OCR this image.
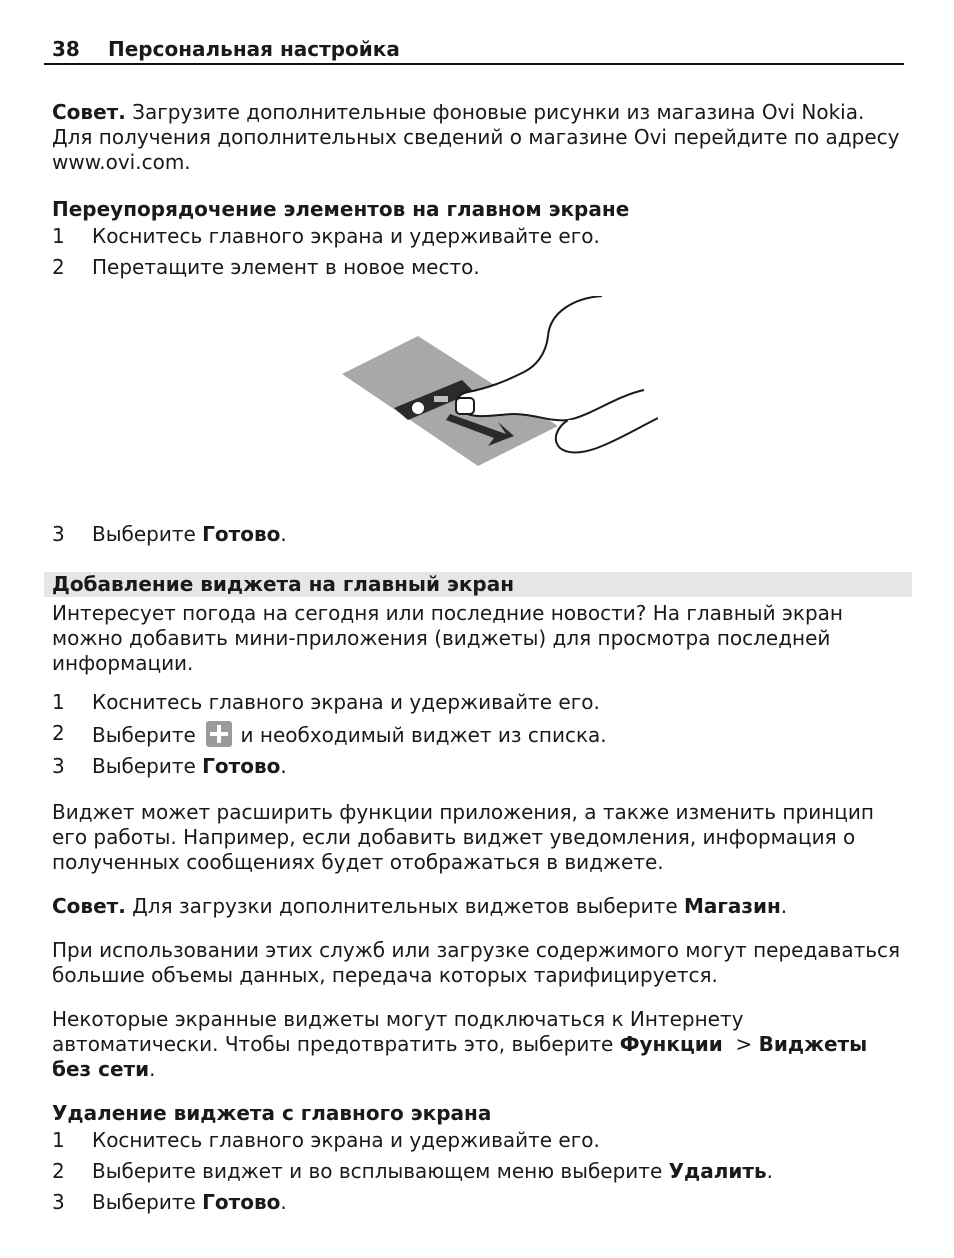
38 Персональная настройка

Совет. Загрузите дополнительные фоновые рисунки из магазина Ovi Nokia. Для получения дополнительных сведений о магазине Ovi перейдите по адресу www.ovi.com.

Переупорядочение элементов на главном экране

1 Коснитесь главного экрана и удерживайте его.
2 Перетащите элемент в новое место.
3 Выберите Готово.
Добавление виджета на главный экран

Интересует погода на сегодня или последние новости? На главный экран можно добавить мини-приложения (виджеты) для просмотра последней информации.

1 Коснитесь главного экрана и удерживайте его.
2 Выберите  и необходимый виджет из списка.
3 Выберите Готово.

Виджет может расширить функции приложения, а также изменить принцип его работы. Например, если добавить виджет уведомления, информация о полученных сообщениях будет отображаться в виджете.

Совет. Для загрузки дополнительных виджетов выберите Магазин.

При использовании этих служб или загрузке содержимого могут передаваться большие объемы данных, передача которых тарифицируется.

Некоторые экранные виджеты могут подключаться к Интернету автоматически. Чтобы предотвратить это, выберите Функции  > Виджеты без сети.

Удаление виджета с главного экрана

1 Коснитесь главного экрана и удерживайте его.
2 Выберите виджет и во всплывающем меню выберите Удалить.
3 Выберите Готово.
